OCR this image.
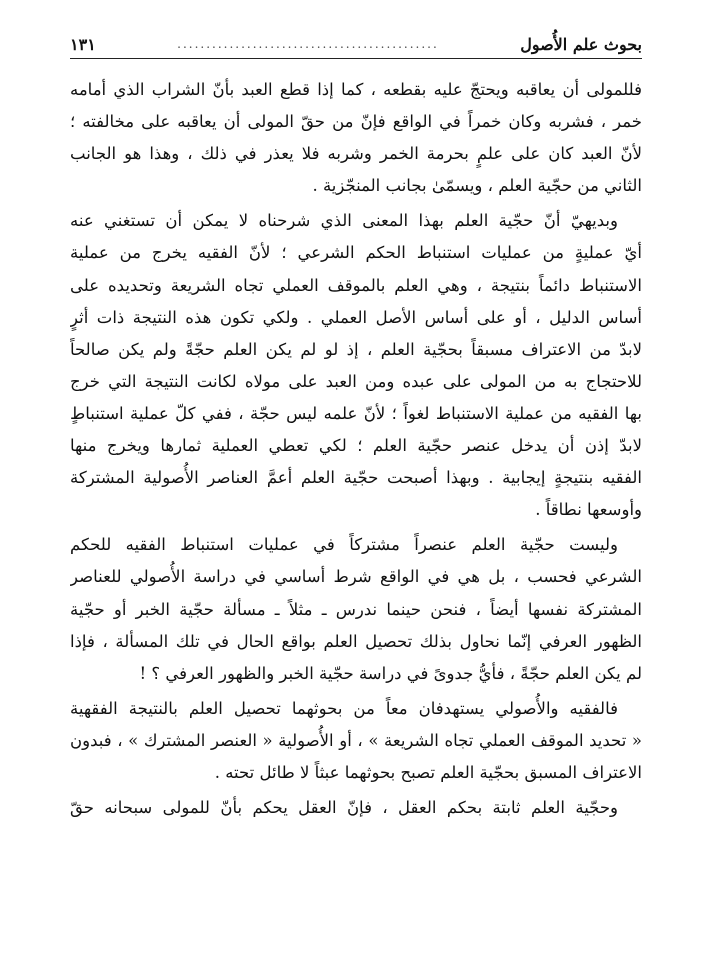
بحوث علم الأُصول
.............................................
١٣١

فللمولى أن يعاقبه ويحتجّ عليه بقطعه ، كما إذا قطع العبد بأنّ الشراب الذي أمامه
خمر ، فشربه وكان خمراً في الواقع فإنّ من حقّ المولى أن يعاقبه على مخالفته ؛
لأنّ العبد كان على علمٍ بحرمة الخمر وشربه فلا يعذر في ذلك ، وهذا هو الجانب
الثاني من حجّية العلم ، ويسمّىٰ بجانب المنجّزية .

وبديهيّ أنّ حجّية العلم بهذا المعنى الذي شرحناه لا يمكن أن تستغني عنه
أيّ عمليةٍ من عمليات استنباط الحكم الشرعي ؛ لأنّ الفقيه يخرج من عملية
الاستنباط دائماً بنتيجة ، وهي العلم بالموقف العملي تجاه الشريعة وتحديده على
أساس الدليل ، أو على أساس الأصل العملي . ولكي تكون هذه النتيجة ذات أثرٍ
لابدّ من الاعتراف مسبقاً بحجّية العلم ، إذ لو لم يكن العلم حجّةً ولم يكن صالحاً
للاحتجاج به من المولى على عبده ومن العبد على مولاه لكانت النتيجة التي خرج
بها الفقيه من عملية الاستنباط لغواً ؛ لأنّ علمه ليس حجّة ، ففي كلّ عملية استنباطٍ
لابدّ إذن أن يدخل عنصر حجّية العلم ؛ لكي تعطي العملية ثمارها ويخرج منها
الفقيه بنتيجةٍ إيجابية . وبهذا أصبحت حجّية العلم أعمَّ العناصر الأُصولية المشتركة
وأوسعها نطاقاً .

وليست حجّية العلم عنصراً مشتركاً في عمليات استنباط الفقيه للحكم
الشرعي فحسب ، بل هي في الواقع شرط أساسي في دراسة الأُصولي للعناصر
المشتركة نفسها أيضاً ، فنحن حينما ندرس ـ مثلاً ـ مسألة حجّية الخبر أو حجّية
الظهور العرفي إنّما نحاول بذلك تحصيل العلم بواقع الحال في تلك المسألة ، فإذا
لم يكن العلم حجّةً ، فأيُّ جدوىً في دراسة حجّية الخبر والظهور العرفي ؟ !

فالفقيه والأُصولي يستهدفان معاً من بحوثهما تحصيل العلم بالنتيجة الفقهية
« تحديد الموقف العملي تجاه الشريعة » ، أو الأُصولية « العنصر المشترك » ، فبدون
الاعتراف المسبق بحجّية العلم تصبح بحوثهما عبثاً لا طائل تحته .

وحجّية العلم ثابتة بحكم العقل ، فإنّ العقل يحكم بأنّ للمولى سبحانه حقّ
